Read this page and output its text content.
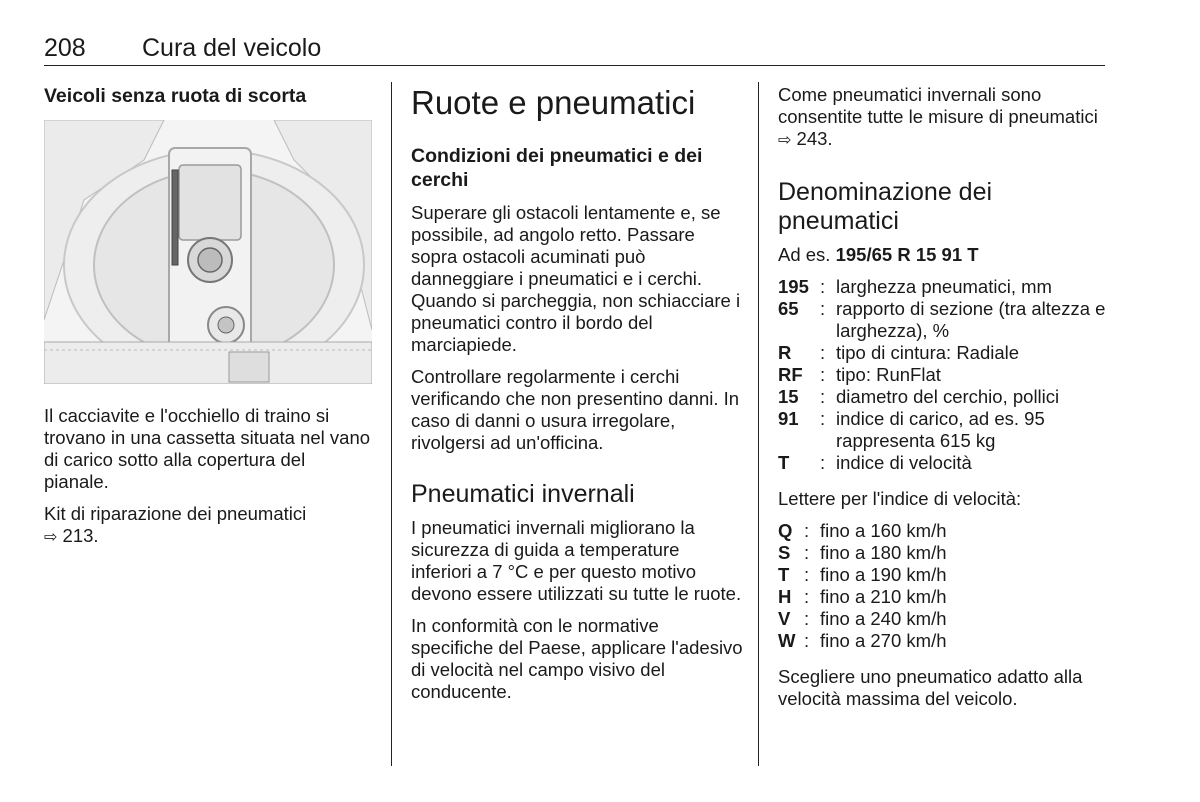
208 Cura del veicolo
Veicoli senza ruota di scorta

Il cacciavite e l'occhiello di traino si trovano in una cassetta situata nel vano di carico sotto alla copertura del pianale.

Kit di riparazione dei pneumatici
⇨ 213.

Ruote e pneumatici
Condizioni dei pneumatici e dei cerchi

Superare gli ostacoli lentamente e, se possibile, ad angolo retto. Passare sopra ostacoli acuminati può danneggiare i pneumatici e i cerchi. Quando si parcheggia, non schiacciare i pneumatici contro il bordo del marciapiede.

Controllare regolarmente i cerchi verificando che non presentino danni. In caso di danni o usura irregolare, rivolgersi ad un'officina.

Pneumatici invernali

I pneumatici invernali migliorano la sicurezza di guida a temperature inferiori a 7 °C e per questo motivo devono essere utilizzati su tutte le ruote.

In conformità con le normative specifiche del Paese, applicare l'adesivo di velocità nel campo visivo del conducente.

Come pneumatici invernali sono consentite tutte le misure di pneumatici ⇨ 243.

Denominazione dei pneumatici

Ad es. 195/65 R 15 91 T

195 : larghezza pneumatici, mm
65	: rapporto di sezione (tra altezza e larghezza), %
R	: tipo di cintura: Radiale
RF : tipo: RunFlat
15	: diametro del cerchio, pollici
91	: indice di carico, ad es. 95 rappresenta 615 kg
T	: indice di velocità

Lettere per l'indice di velocità:

Q : fino a 160 km/h
S : fino a 180 km/h
T : fino a 190 km/h
H : fino a 210 km/h
V : fino a 240 km/h
W : fino a 270 km/h

Scegliere uno pneumatico adatto alla velocità massima del veicolo.
